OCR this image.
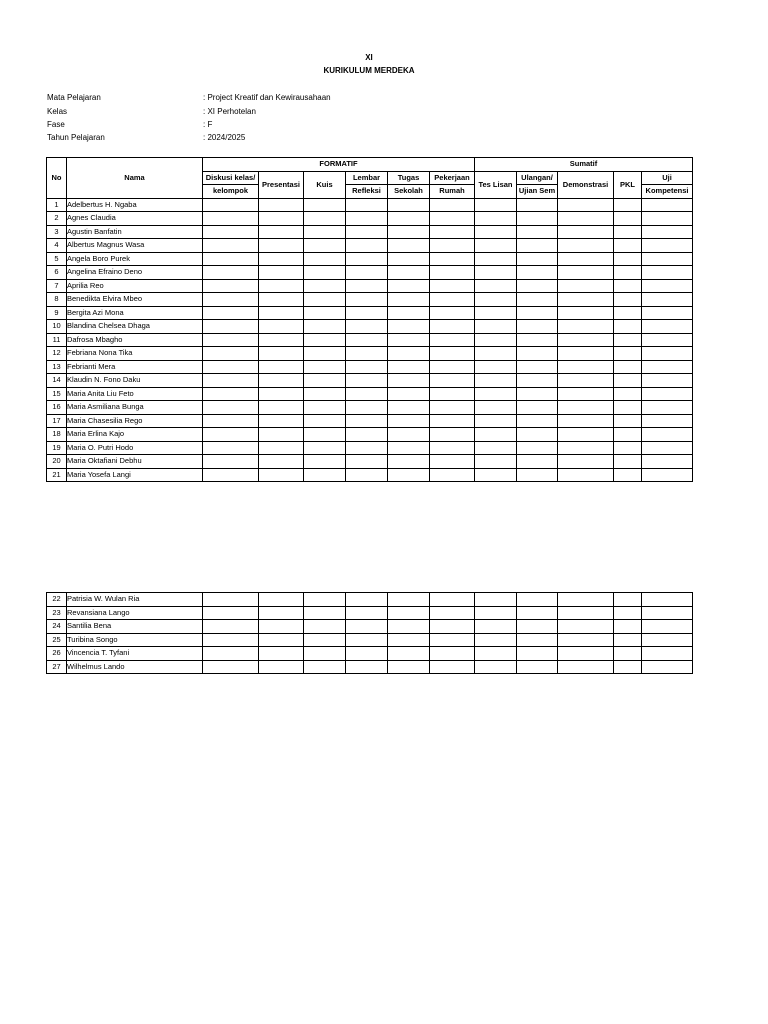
XI
KURIKULUM MERDEKA
Mata Pelajaran	: Project Kreatif dan Kewirausahaan
Kelas	: XI Perhotelan
Fase	: F
Tahun Pelajaran	: 2024/2025
No	Nama	FORMATIF						Sumatif				
		Diskusi kelas/	Presentasi	Kuis	Lembar	Tugas	Pekerjaan	Tes Lisan	Ulangan/	Demonstrasi	PKL	Uji
		kelompok			Refleksi	Sekolah	Rumah		Ujian Sem			Kompetensi
1	Adelbertus H. Ngaba											
2	Agnes Claudia											
3	Agustin Banfatin											
4	Albertus Magnus Wasa											
5	Angela Boro Purek											
6	Angelina Efraino Deno											
7	Aprilia Reo											
8	Benedikta Elvira Mbeo											
9	Bergita Azi Mona											
10	Blandina Chelsea Dhaga											
11	Dafrosa Mbagho											
12	Febriana Nona Tika											
13	Febrianti Mera											
14	Klaudin N. Fono Daku											
15	Maria Anita Liu Feto											
16	Maria Asmiliana Bunga											
17	Maria Chasesilia Rego											
18	Maria Erlina Kajo											
19	Maria O. Putri Hodo											
20	Maria Oktafiani Debhu											
21	Maria Yosefa Langi											
22	Patrisia W. Wulan Ria											
23	Revansiana Lango											
24	Santilia Bena											
25	Turibina Songo											
26	Vincencia T. Tyfani											
27	Wilhelmus Lando											
